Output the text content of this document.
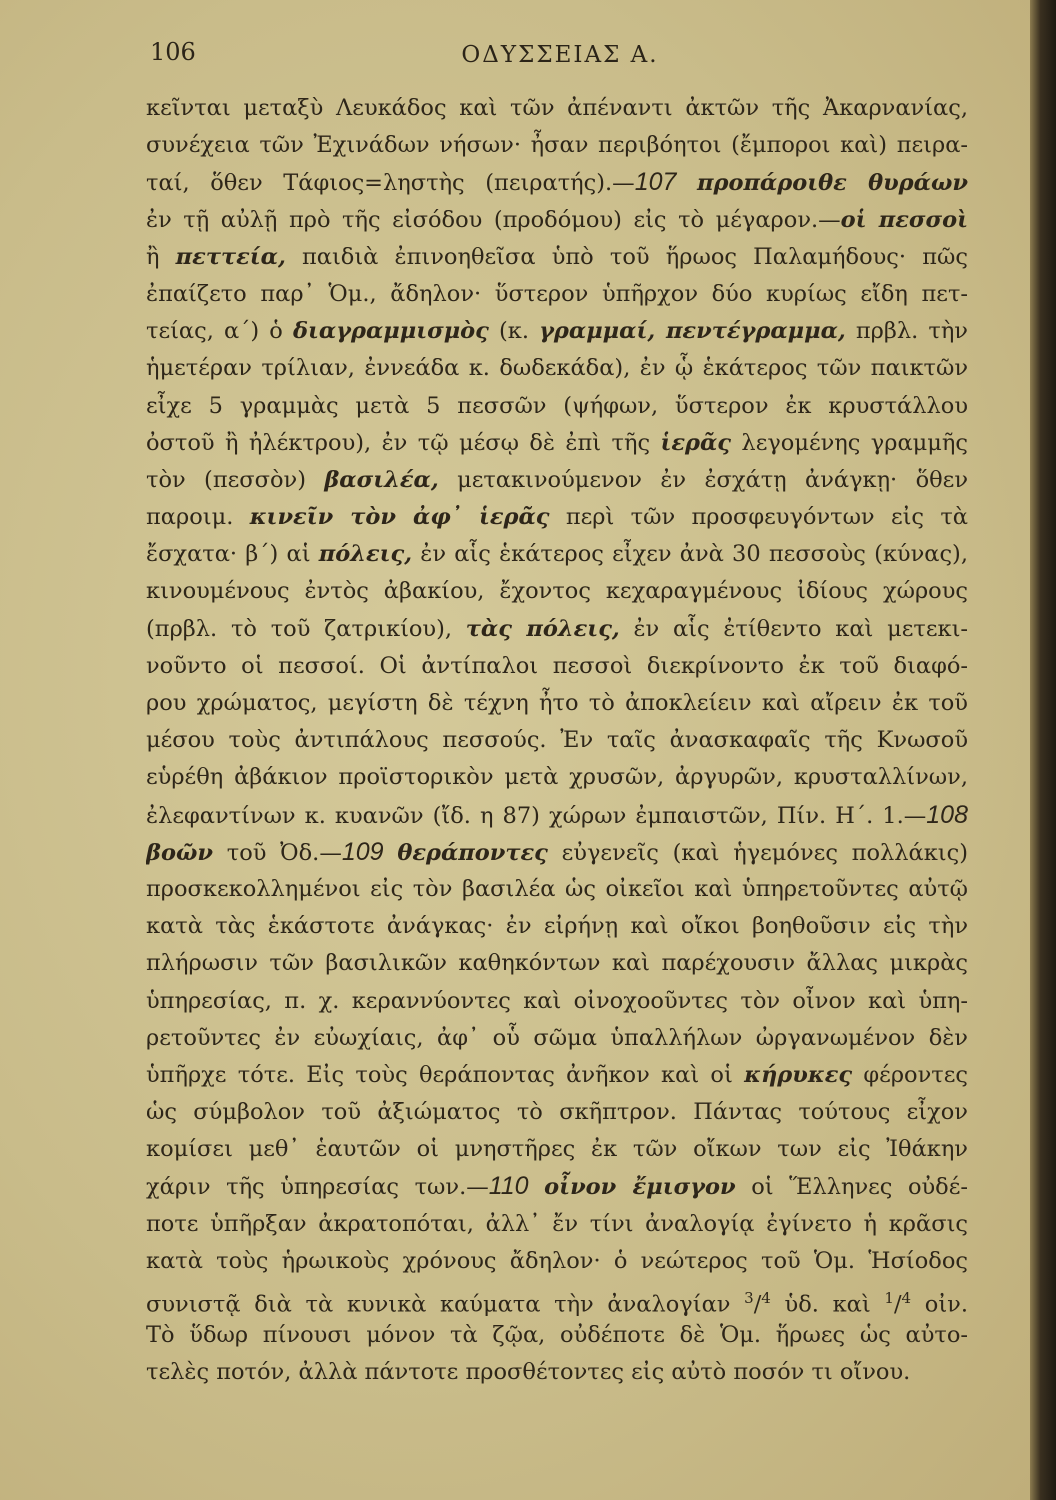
106	ΟΔΥΣΣΕΙΑΣ Α.
κεῖνται μεταξὺ Λευκάδος καὶ τῶν ἀπέναντι ἀκτῶν τῆς Ἀκαρνανίας,
συνέχεια τῶν Ἐχινάδων νήσων· ἦσαν περιβόητοι (ἔμποροι καὶ) πειρα-
ταί, ὅθεν Τάφιος=ληστὴς (πειρατής).—107 προπάροιθε θυράων
ἐν τῇ αὐλῇ πρὸ τῆς εἰσόδου (προδόμου) εἰς τὸ μέγαρον.—οἱ πεσσοὶ
ἢ πεττεία, παιδιὰ ἐπινοηθεῖσα ὑπὸ τοῦ ἥρωος Παλαμήδους· πῶς
ἐπαίζετο παρ᾽ Ὁμ., ἄδηλον· ὕστερον ὑπῆρχον δύο κυρίως εἴδη πετ-
τείας, α΄) ὁ διαγραμμισμὸς (κ. γραμμαί, πεντέγραμμα, πρβλ. τὴν
ἡμετέραν τρίλιαν, ἐννεάδα κ. δωδεκάδα), ἐν ᾧ ἑκάτερος τῶν παικτῶν
εἶχε 5 γραμμὰς μετὰ 5 πεσσῶν (ψήφων, ὕστερον ἐκ κρυστάλλου
ὀστοῦ ἢ ἠλέκτρου), ἐν τῷ μέσῳ δὲ ἐπὶ τῆς ἱερᾶς λεγομένης γραμμῆς
τὸν (πεσσὸν) βασιλέα, μετακινούμενον ἐν ἐσχάτῃ ἀνάγκῃ· ὅθεν
παροιμ. κινεῖν τὸν ἀφ᾽ ἱερᾶς περὶ τῶν προσφευγόντων εἰς τὰ
ἔσχατα· β΄) αἱ πόλεις, ἐν αἷς ἑκάτερος εἶχεν ἀνὰ 30 πεσσοὺς (κύνας),
κινουμένους ἐντὸς ἀβακίου, ἔχοντος κεχαραγμένους ἰδίους χώρους
(πρβλ. τὸ τοῦ ζατρικίου), τὰς πόλεις, ἐν αἷς ἐτίθεντο καὶ μετεκι-
νοῦντο οἱ πεσσοί. Οἱ ἀντίπαλοι πεσσοὶ διεκρίνοντο ἐκ τοῦ διαφό-
ρου χρώματος, μεγίστη δὲ τέχνη ἦτο τὸ ἀποκλείειν καὶ αἴρειν ἐκ τοῦ
μέσου τοὺς ἀντιπάλους πεσσούς. Ἐν ταῖς ἀνασκαφαῖς τῆς Κνωσοῦ
εὑρέθη ἀβάκιον προϊστορικὸν μετὰ χρυσῶν, ἀργυρῶν, κρυσταλλίνων,
ἐλεφαντίνων κ. κυανῶν (ἴδ. η 87) χώρων ἐμπαιστῶν, Πίν. Η΄. 1.—108
βοῶν τοῦ Ὀδ.—109 θεράποντες εὐγενεῖς (καὶ ἡγεμόνες πολλάκις)
προσκεκολλημένοι εἰς τὸν βασιλέα ὡς οἰκεῖοι καὶ ὑπηρετοῦντες αὐτῷ
κατὰ τὰς ἑκάστοτε ἀνάγκας· ἐν εἰρήνῃ καὶ οἴκοι βοηθοῦσιν εἰς τὴν
πλήρωσιν τῶν βασιλικῶν καθηκόντων καὶ παρέχουσιν ἄλλας μικρὰς
ὑπηρεσίας, π. χ. κεραννύοντες καὶ οἰνοχοοῦντες τὸν οἶνον καὶ ὑπη-
ρετοῦντες ἐν εὐωχίαις, ἀφ᾽ οὗ σῶμα ὑπαλλήλων ὠργανωμένον δὲν
ὑπῆρχε τότε. Εἰς τοὺς θεράποντας ἀνῆκον καὶ οἱ κήρυκες φέροντες
ὡς σύμβολον τοῦ ἀξιώματος τὸ σκῆπτρον. Πάντας τούτους εἶχον
κομίσει μεθ᾽ ἑαυτῶν οἱ μνηστῆρες ἐκ τῶν οἴκων των εἰς Ἰθάκην
χάριν τῆς ὑπηρεσίας των.—110 οἶνον ἔμισγον οἱ Ἕλληνες οὐδέ-
ποτε ὑπῆρξαν ἀκρατοπόται, ἀλλ᾽ ἔν τίνι ἀναλογίᾳ ἐγίνετο ἡ κρᾶσις
κατὰ τοὺς ἡρωικοὺς χρόνους ἄδηλον· ὁ νεώτερος τοῦ Ὁμ. Ἡσίοδος
συνιστᾷ διὰ τὰ κυνικὰ καύματα τὴν ἀναλογίαν $^3$/$^4$ ὑδ. καὶ $^1$/$^4$ οἰν.
Τὸ ὕδωρ πίνουσι μόνον τὰ ζῷα, οὐδέποτε δὲ Ὁμ. ἥρωες ὡς αὐτο-
τελὲς ποτόν, ἀλλὰ πάντοτε προσθέτοντες εἰς αὐτὸ ποσόν τι οἴνου.
